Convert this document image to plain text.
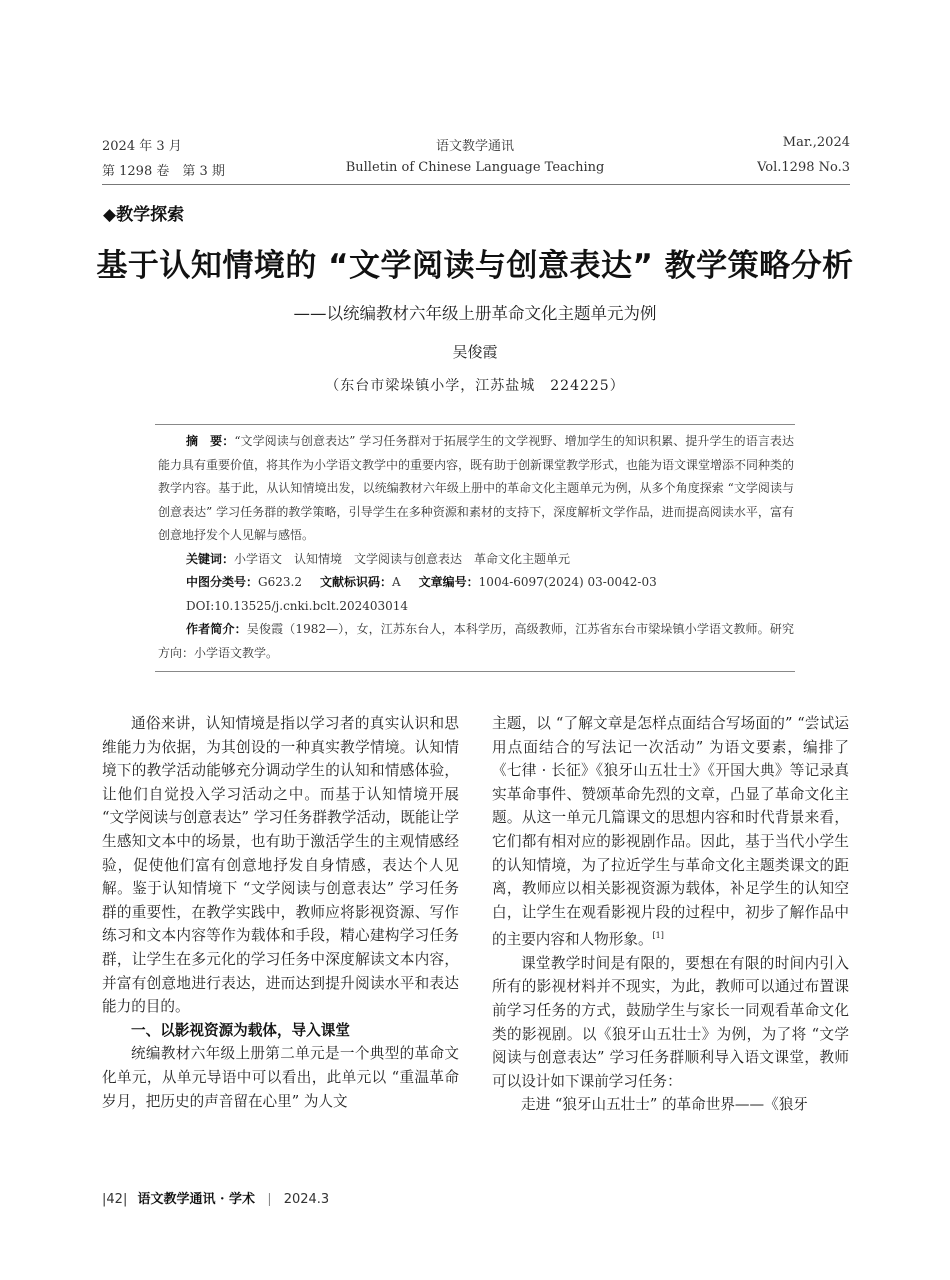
2024 年 3 月
第 1298 卷　第 3 期
语文教学通讯
Bulletin of Chinese Language Teaching
Mar.,2024
Vol.1298 No.3
◆教学探索
基于认知情境的 “文学阅读与创意表达” 教学策略分析
——以统编教材六年级上册革命文化主题单元为例
吴俊霞
（东台市梁垛镇小学，江苏盐城　224225）
摘　要：“文学阅读与创意表达” 学习任务群对于拓展学生的文学视野、增加学生的知识积累、提升学生的语言表达能力具有重要价值，将其作为小学语文教学中的重要内容，既有助于创新课堂教学形式，也能为语文课堂增添不同种类的教学内容。基于此，从认知情境出发，以统编教材六年级上册中的革命文化主题单元为例，从多个角度探索 “文学阅读与创意表达” 学习任务群的教学策略，引导学生在多种资源和素材的支持下，深度解析文学作品，进而提高阅读水平，富有创意地抒发个人见解与感悟。
关键词：小学语文　认知情境　文学阅读与创意表达　革命文化主题单元
中图分类号：G623.2 文献标识码：A 文章编号：1004-6097(2024) 03-0042-03
DOI:10.13525/j.cnki.bclt.202403014
作者简介：吴俊霞（1982—），女，江苏东台人，本科学历，高级教师，江苏省东台市梁垛镇小学语文教师。研究方向：小学语文教学。

通俗来讲，认知情境是指以学习者的真实认识和思维能力为依据，为其创设的一种真实教学情境。认知情境下的教学活动能够充分调动学生的认知和情感体验，让他们自觉投入学习活动之中。而基于认知情境开展 “文学阅读与创意表达” 学习任务群教学活动，既能让学生感知文本中的场景，也有助于激活学生的主观情感经验，促使他们富有创意地抒发自身情感，表达个人见解。鉴于认知情境下 “文学阅读与创意表达” 学习任务群的重要性，在教学实践中，教师应将影视资源、写作练习和文本内容等作为载体和手段，精心建构学习任务群，让学生在多元化的学习任务中深度解读文本内容，并富有创意地进行表达，进而达到提升阅读水平和表达能力的目的。

一、以影视资源为载体，导入课堂

统编教材六年级上册第二单元是一个典型的革命文化单元，从单元导语中可以看出，此单元以 “重温革命岁月，把历史的声音留在心里” 为人文

主题，以 “了解文章是怎样点面结合写场面的” “尝试运用点面结合的写法记一次活动” 为语文要素，编排了《七律 · 长征》《狼牙山五壮士》《开国大典》等记录真实革命事件、赞颂革命先烈的文章，凸显了革命文化主题。从这一单元几篇课文的思想内容和时代背景来看，它们都有相对应的影视剧作品。因此，基于当代小学生的认知情境，为了拉近学生与革命文化主题类课文的距离，教师应以相关影视资源为载体，补足学生的认知空白，让学生在观看影视片段的过程中，初步了解作品中的主要内容和人物形象。[1]

课堂教学时间是有限的，要想在有限的时间内引入所有的影视材料并不现实，为此，教师可以通过布置课前学习任务的方式，鼓励学生与家长一同观看革命文化类的影视剧。以《狼牙山五壮士》为例，为了将 “文学阅读与创意表达” 学习任务群顺利导入语文课堂，教师可以设计如下课前学习任务：

走进 “狼牙山五壮士” 的革命世界——《狼牙

|42| 语文教学通讯 · 学术 | 2024.3
